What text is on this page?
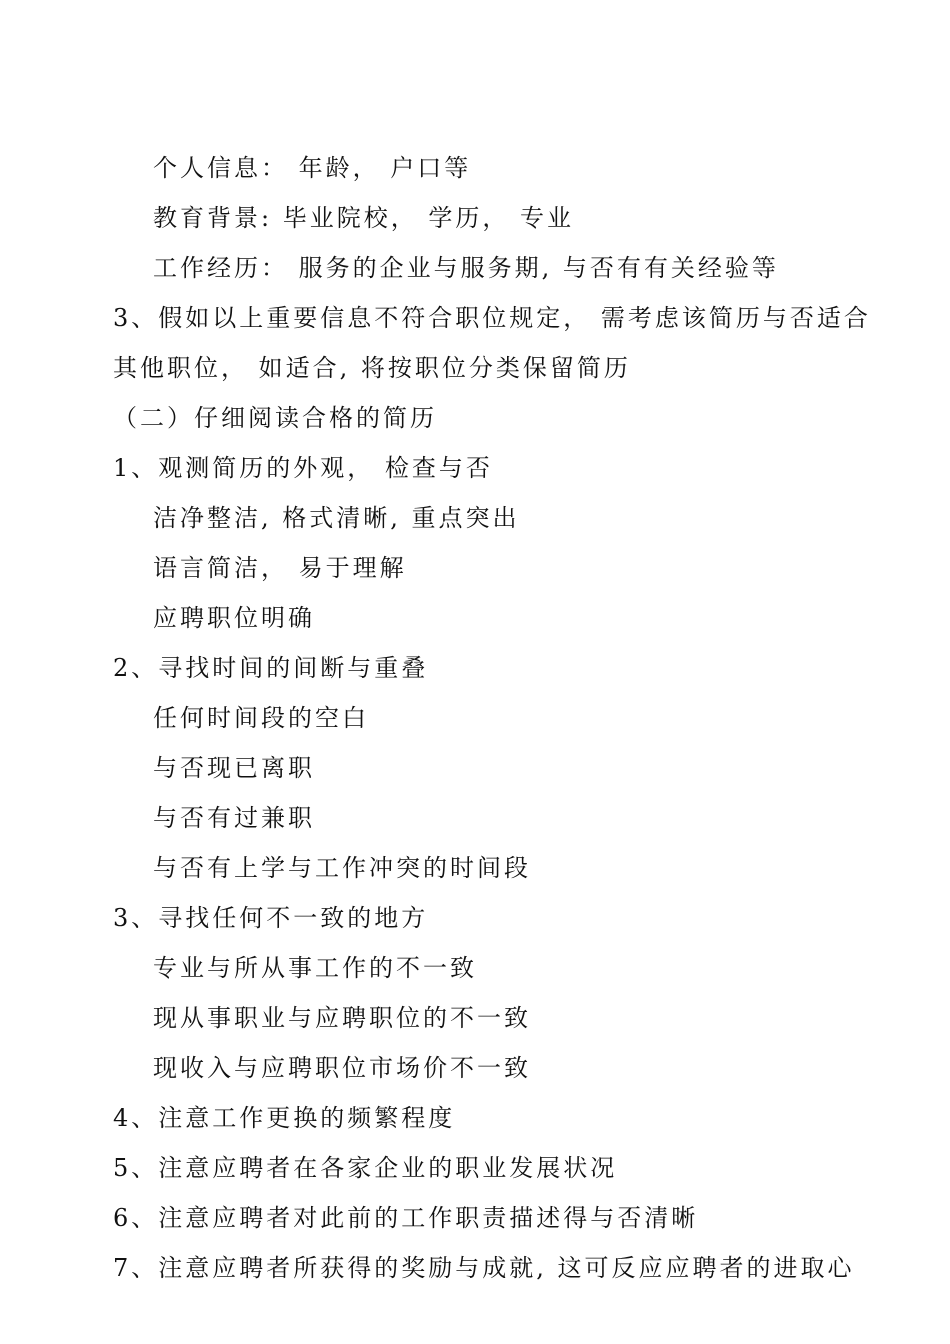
个人信息： 年龄， 户口等
教育背景: 毕业院校， 学历， 专业
工作经历： 服务的企业与服务期, 与否有有关经验等
3、假如以上重要信息不符合职位规定， 需考虑该简历与否适合
其他职位， 如适合, 将按职位分类保留简历
（二）仔细阅读合格的简历
1、观测简历的外观， 检查与否
洁净整洁, 格式清晰, 重点突出
语言简洁， 易于理解
应聘职位明确
2、寻找时间的间断与重叠
任何时间段的空白
与否现已离职
与否有过兼职
与否有上学与工作冲突的时间段
3、寻找任何不一致的地方
专业与所从事工作的不一致
现从事职业与应聘职位的不一致
现收入与应聘职位市场价不一致
4、注意工作更换的频繁程度
5、注意应聘者在各家企业的职业发展状况
6、注意应聘者对此前的工作职责描述得与否清晰
7、注意应聘者所获得的奖励与成就, 这可反应应聘者的进取心
